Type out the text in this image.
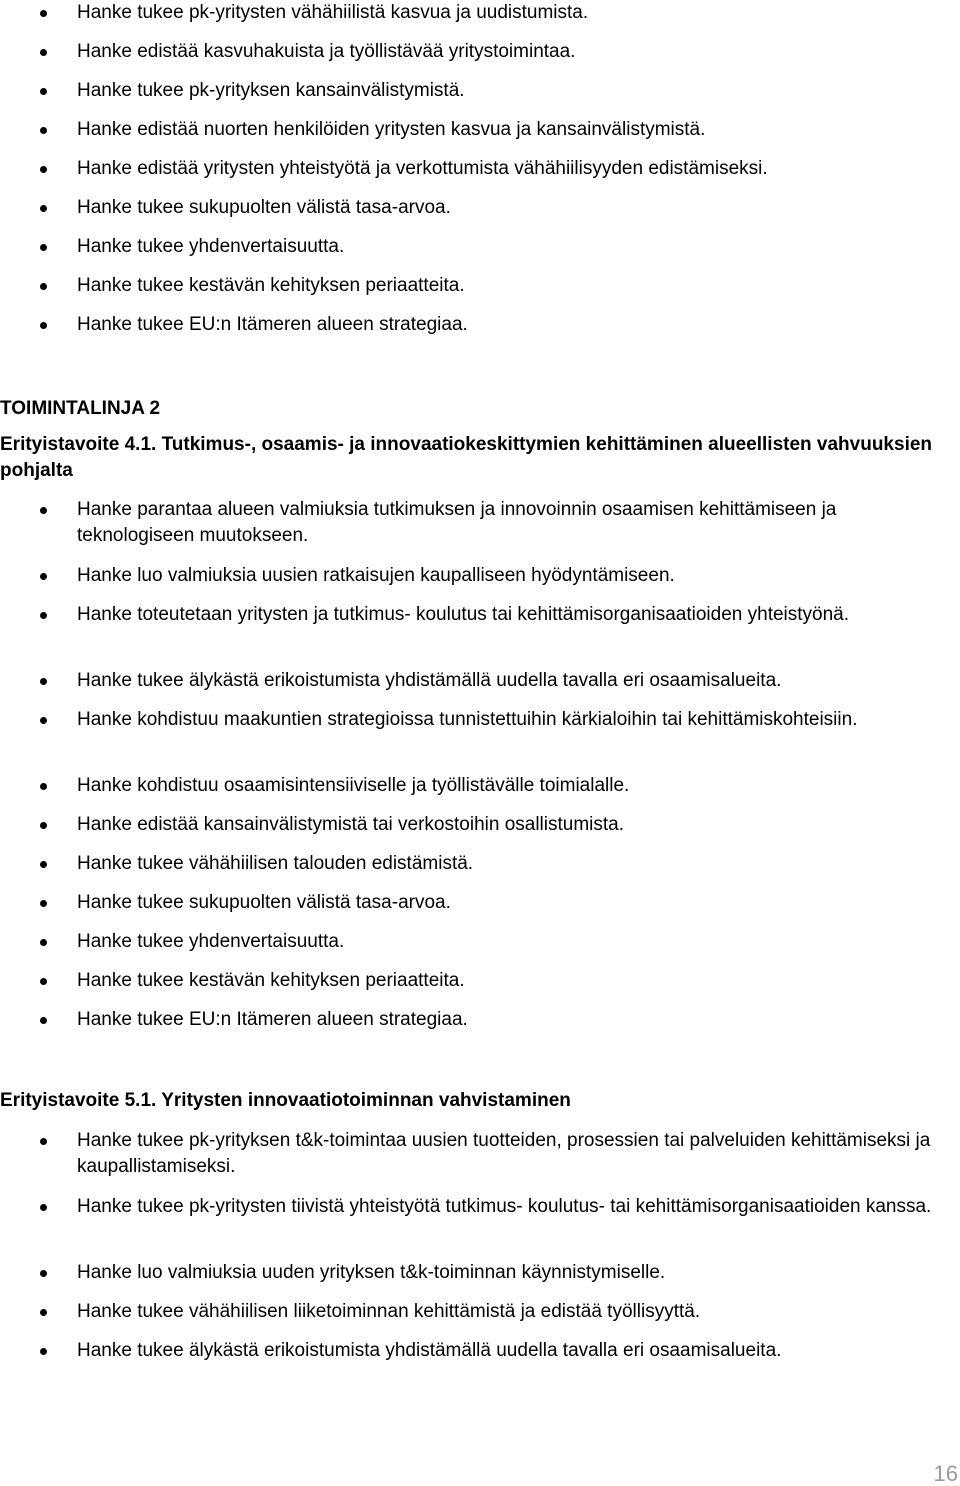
Hanke tukee pk-yritysten vähähiilistä kasvua ja uudistumista.
Hanke edistää kasvuhakuista ja työllistävää yritystoimintaa.
Hanke tukee pk-yrityksen kansainvälistymistä.
Hanke edistää nuorten henkilöiden yritysten kasvua ja kansainvälistymistä.
Hanke edistää yritysten yhteistyötä ja verkottumista vähähiilisyyden edistämiseksi.
Hanke tukee sukupuolten välistä tasa-arvoa.
Hanke tukee yhdenvertaisuutta.
Hanke tukee kestävän kehityksen periaatteita.
Hanke tukee EU:n Itämeren alueen strategiaa.
TOIMINTALINJA 2
Erityistavoite 4.1. Tutkimus-, osaamis- ja innovaatiokeskittymien kehittäminen alueellisten vahvuuksien pohjalta
Hanke parantaa alueen valmiuksia tutkimuksen ja innovoinnin osaamisen kehittämiseen ja teknologiseen muutokseen.
Hanke luo valmiuksia uusien ratkaisujen kaupalliseen hyödyntämiseen.
Hanke toteutetaan yritysten ja tutkimus- koulutus tai kehittämisorganisaatioiden yhteistyönä.
Hanke tukee älykästä erikoistumista yhdistämällä uudella tavalla eri osaamisalueita.
Hanke kohdistuu maakuntien strategioissa tunnistettuihin kärkialoihin tai kehittämiskohteisiin.
Hanke kohdistuu osaamisintensiiviselle ja työllistävälle toimialalle.
Hanke edistää kansainvälistymistä tai verkostoihin osallistumista.
Hanke tukee vähähiilisen talouden edistämistä.
Hanke tukee sukupuolten välistä tasa-arvoa.
Hanke tukee yhdenvertaisuutta.
Hanke tukee kestävän kehityksen periaatteita.
Hanke tukee EU:n Itämeren alueen strategiaa.
Erityistavoite 5.1. Yritysten innovaatiotoiminnan vahvistaminen
Hanke tukee pk-yrityksen t&k-toimintaa uusien tuotteiden, prosessien tai palveluiden kehittämiseksi ja kaupallistamiseksi.
Hanke tukee pk-yritysten tiivistä yhteistyötä tutkimus- koulutus- tai kehittämisorganisaatioiden kanssa.
Hanke luo valmiuksia uuden yrityksen t&k-toiminnan käynnistymiselle.
Hanke tukee vähähiilisen liiketoiminnan kehittämistä ja edistää työllisyyttä.
Hanke tukee älykästä erikoistumista yhdistämällä uudella tavalla eri osaamisalueita.
16
